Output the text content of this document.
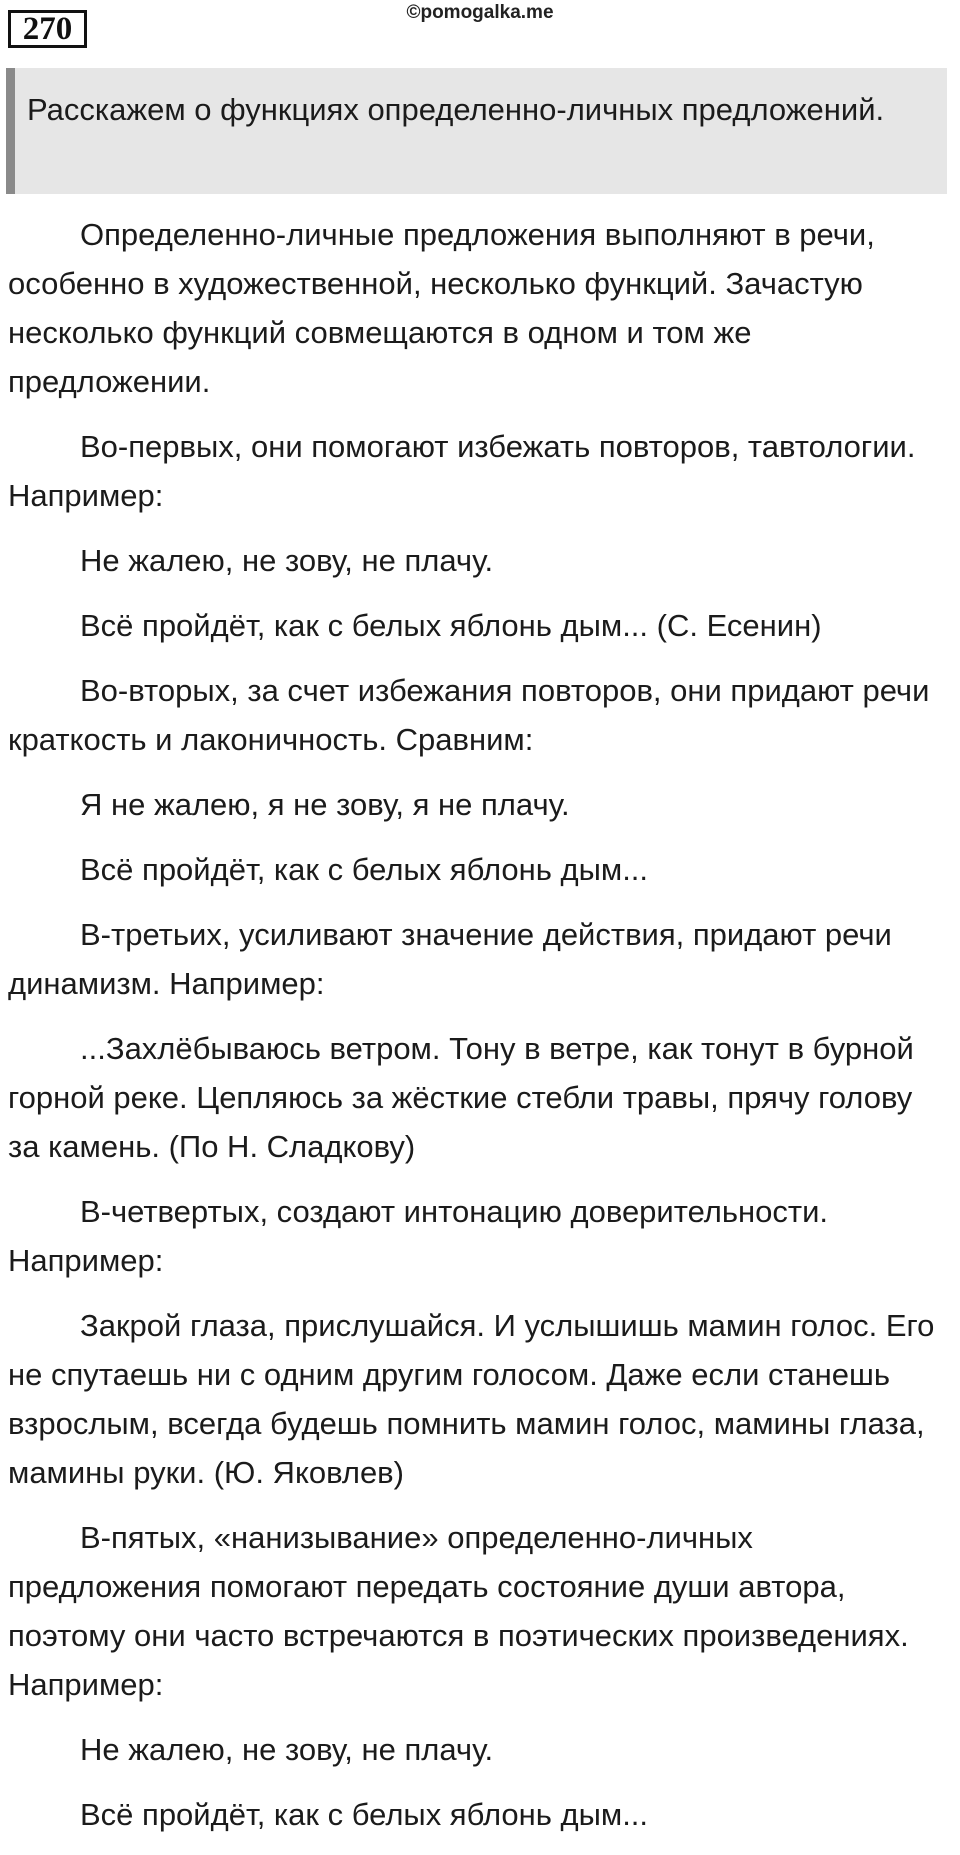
270	©pomogalka.me
Расскажем о функциях определенно-личных предложений.

Определенно-личные предложения выполняют в речи, особенно в художественной, несколько функций. Зачастую несколько функций совмещаются в одном и том же предложении.

Во-первых, они помогают избежать повторов, тавтологии. Например:

Не жалею, не зову, не плачу.

Всё пройдёт, как с белых яблонь дым... (С. Есенин)

Во-вторых, за счет избежания повторов, они придают речи краткость и лаконичность. Сравним:

Я не жалею, я не зову, я не плачу.

Всё пройдёт, как с белых яблонь дым...

В-третьих, усиливают значение действия, придают речи динамизм. Например:

...Захлёбываюсь ветром. Тону в ветре, как тонут в бурной горной реке. Цепляюсь за жёсткие стебли травы, прячу голову за камень. (По Н. Сладкову)

В-четвертых, создают интонацию доверительности. Например:

Закрой глаза, прислушайся. И услышишь мамин голос. Его не спутаешь ни с одним другим голосом. Даже если станешь взрослым, всегда будешь помнить мамин голос, мамины глаза, мамины руки. (Ю. Яковлев)

В-пятых, «нанизывание» определенно-личных предложения помогают передать состояние души автора, поэтому они часто встречаются в поэтических произведениях. Например:

Не жалею, не зову, не плачу.

Всё пройдёт, как с белых яблонь дым...
